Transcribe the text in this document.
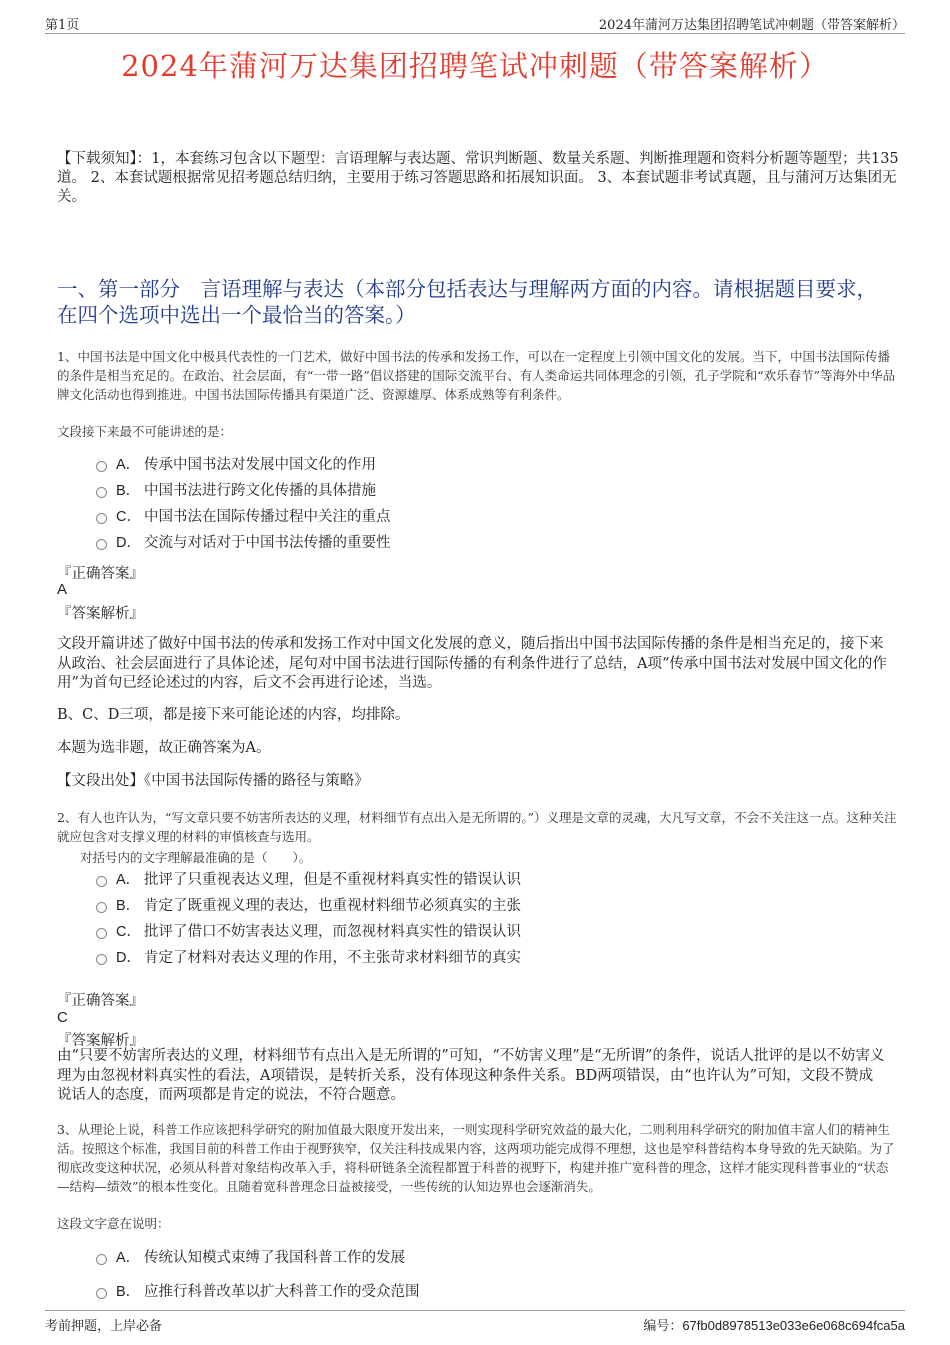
第1页	2024年蒲河万达集团招聘笔试冲刺题（带答案解析）
2024年蒲河万达集团招聘笔试冲刺题（带答案解析）
【下载须知】：1，本套练习包含以下题型：言语理解与表达题、常识判断题、数量关系题、判断推理题和资料分析题等题型；共135道。 2、本套试题根据常见招考题总结归纳，主要用于练习答题思路和拓展知识面。 3、本套试题非考试真题，且与蒲河万达集团无关。
一、第一部分　言语理解与表达（本部分包括表达与理解两方面的内容。请根据题目要求，在四个选项中选出一个最恰当的答案。）
1、中国书法是中国文化中极具代表性的一门艺术，做好中国书法的传承和发扬工作，可以在一定程度上引领中国文化的发展。当下，中国书法国际传播的条件是相当充足的。在政治、社会层面，有“一带一路”倡议搭建的国际交流平台、有人类命运共同体理念的引领，孔子学院和“欢乐春节”等海外中华品牌文化活动也得到推进。中国书法国际传播具有渠道广泛、资源雄厚、体系成熟等有利条件。
文段接下来最不可能讲述的是：
A． 传承中国书法对发展中国文化的作用
B． 中国书法进行跨文化传播的具体措施
C． 中国书法在国际传播过程中关注的重点
D． 交流与对话对于中国书法传播的重要性
『正确答案』
A
『答案解析』
文段开篇讲述了做好中国书法的传承和发扬工作对中国文化发展的意义，随后指出中国书法国际传播的条件是相当充足的，接下来从政治、社会层面进行了具体论述，尾句对中国书法进行国际传播的有利条件进行了总结，A项“传承中国书法对发展中国文化的作用”为首句已经论述过的内容，后文不会再进行论述，当选。
B、C、D三项，都是接下来可能论述的内容，均排除。
本题为选非题，故正确答案为A。
【文段出处】《中国书法国际传播的路径与策略》
2、有人也许认为，“写文章只要不妨害所表达的义理，材料细节有点出入是无所谓的。”）义理是文章的灵魂，大凡写文章，不会不关注这一点。这种关注就应包含对支撑义理的材料的审慎核查与选用。
对括号内的文字理解最准确的是（　　）。
A． 批评了只重视表达义理，但是不重视材料真实性的错误认识
B． 肯定了既重视义理的表达，也重视材料细节必须真实的主张
C． 批评了借口不妨害表达义理，而忽视材料真实性的错误认识
D． 肯定了材料对表达义理的作用，不主张苛求材料细节的真实
『正确答案』
C
『答案解析』
由“只要不妨害所表达的义理，材料细节有点出入是无所谓的”可知，“不妨害义理”是“无所谓”的条件，说话人批评的是以不妨害义理为由忽视材料真实性的看法，A项错误，是转折关系，没有体现这种条件关系。BD两项错误，由“也许认为”可知，文段不赞成说话人的态度，而两项都是肯定的说法，不符合题意。
3、从理论上说，科普工作应该把科学研究的附加值最大限度开发出来，一则实现科学研究效益的最大化，二则利用科学研究的附加值丰富人们的精神生活。按照这个标准，我国目前的科普工作由于视野狭窄，仅关注科技成果内容，这两项功能完成得不理想，这也是窄科普结构本身导致的先天缺陷。为了彻底改变这种状况，必须从科普对象结构改革入手，将科研链条全流程都置于科普的视野下，构建并推广宽科普的理念，这样才能实现科普事业的“状态—结构—绩效”的根本性变化。且随着宽科普理念日益被接受，一些传统的认知边界也会逐渐消失。
这段文字意在说明：
A． 传统认知模式束缚了我国科普工作的发展
B． 应推行科普改革以扩大科普工作的受众范围
考前押题，上岸必备	编号：67fb0d8978513e033e6e068c694fca5a
